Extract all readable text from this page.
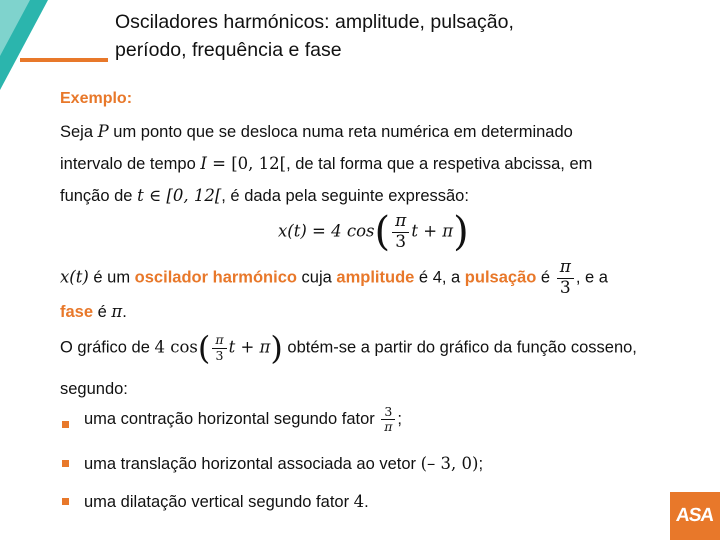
Osciladores harmónicos: amplitude, pulsação,
período, frequência e fase
Exemplo:
Seja P um ponto que se desloca numa reta numérica em determinado
intervalo de tempo I = [0, 12[, de tal forma que a respetiva abcissa, em
função de t ∈ [0, 12[, é dada pela seguinte expressão:
x(t) = 4 $\cos( \frac{\pi}{3}$ t + π)
x(t) é um oscilador harmónico cuja amplitude é 4, a pulsação é $\frac{\pi}{3}$ , e a
fase é π.
O gráfico de 4 $\cos( \frac{\pi}{3}$ t + π) obtém-se a partir do gráfico da função cosseno,
segundo:
uma contração horizontal segundo fator $\frac{3}{\pi}$ ;
uma translação horizontal associada ao vetor (– 3, 0);
uma dilatação vertical segundo fator 4.
ASA
